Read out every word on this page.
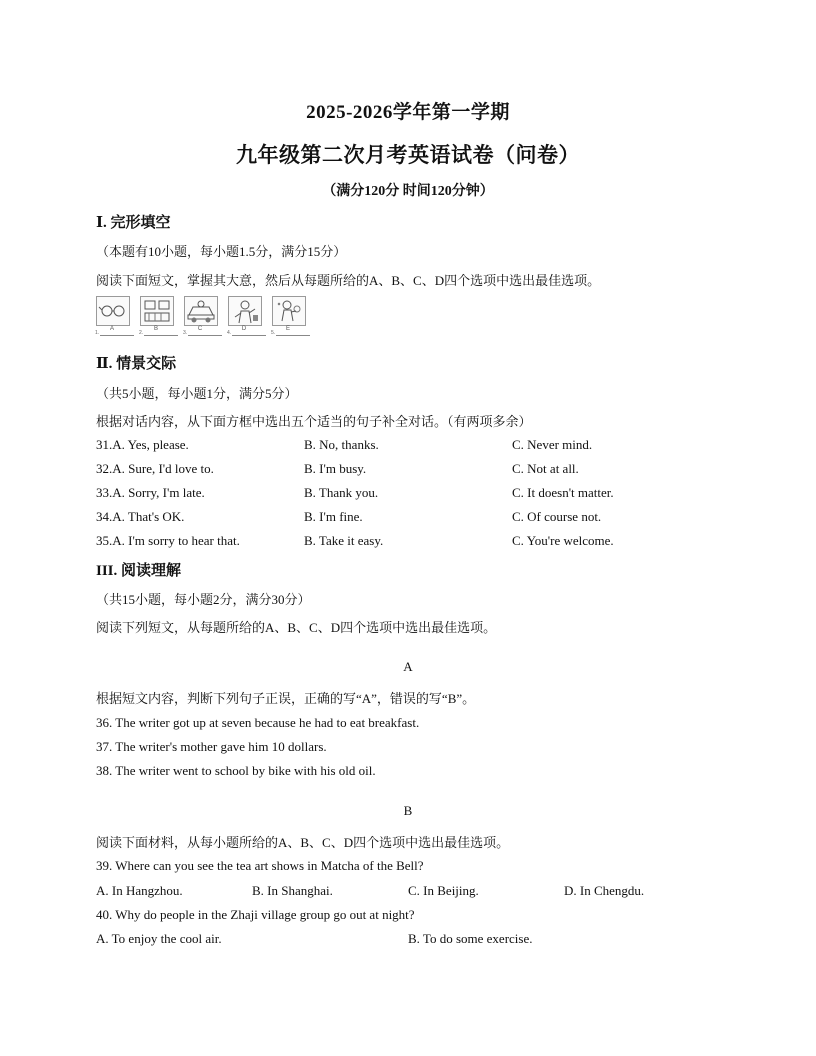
2025-2026学年第一学期
九年级第二次月考英语试卷（问卷）
（满分120分 时间120分钟）
Ⅰ. 完形填空
（本题有10小题，每小题1.5分，满分15分）
阅读下面短文，掌握其大意，然后从每题所给的A、B、C、D四个选项中选出最佳选项。
A
1.
B
2.
C
3.
D
4.
E
5.
Ⅱ. 情景交际
（共5小题，每小题1分，满分5分）
根据对话内容，从下面方框中选出五个适当的句子补全对话。（有两项多余）
31.A. Yes, please.	B. No, thanks.	C. Never mind.
32.A. Sure, I'd love to.	B. I'm busy.	C. Not at all.
33.A. Sorry, I'm late.	B. Thank you.	C. It doesn't matter.
34.A. That's OK.	B. I'm fine.	C. Of course not.
35.A. I'm sorry to hear that.	B. Take it easy.	C. You're welcome.
III. 阅读理解
（共15小题，每小题2分，满分30分）
阅读下列短文，从每题所给的A、B、C、D四个选项中选出最佳选项。
A
根据短文内容，判断下列句子正误，正确的写“A”，错误的写“B”。
36. The writer got up at seven because he had to eat breakfast.
37. The writer's mother gave him 10 dollars.
38. The writer went to school by bike with his old oil.
B
阅读下面材料，从每小题所给的A、B、C、D四个选项中选出最佳选项。
39. Where can you see the tea art shows in Matcha of the Bell?
A. In Hangzhou.	B. In Shanghai.	C. In Beijing.	D. In Chengdu.
40. Why do people in the Zhaji village group go out at night?
A. To enjoy the cool air.	B. To do some exercise.
